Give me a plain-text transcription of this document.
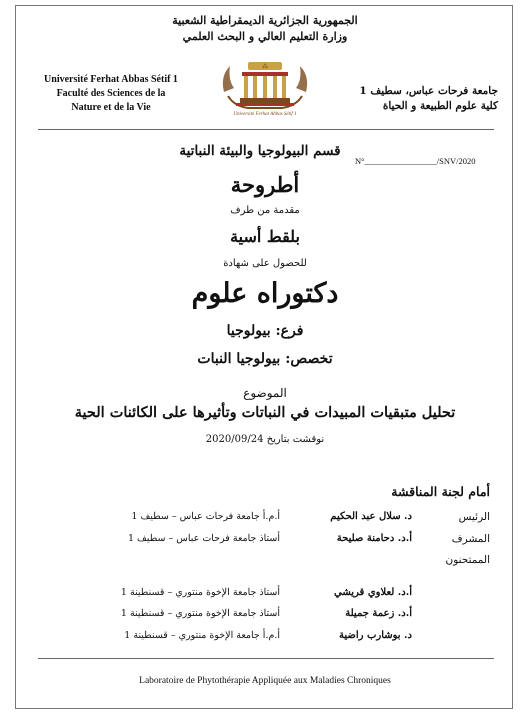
الجمهورية الجزائرية الديمقراطية الشعبية
وزارة التعليم العالي و البحث العلمي
Université Ferhat Abbas Sétif 1
Faculté des Sciences de la
Nature et de la Vie
⁂
Université Ferhat Abbas Sétif 1
جامعة فرحات عباس، سطيف 1
كلية علوم الطبيعة و الحياة
قسم البيولوجيا والبيئة النباتية
N°_________________/SNV/2020
أطروحة
مقدمة من طرف
بلقط أسية
للحصول على شهادة
دكتوراه علوم
فرع: بيولوجيا
تخصص: بيولوجيا النبات
الموضوع
تحليل متبقيات المبيدات في النباتات وتأثيرها على الكائنات الحية
نوقشت بتاريخ 2020/09/24
أمام لجنة المناقشة
الرئيس
د. سلال عبد الحكيم
أ.م.أ جامعة فرحات عباس – سطيف 1
المشرف
أ.د. دحامنة صليحة
أستاذ جامعة فرحات عباس – سطيف 1
الممتحنون
أ.د. لعلاوي قريشي
أستاذ جامعة الإخوة منتوري – قسنطينة 1
أ.د. زعمة جميلة
أستاذ جامعة الإخوة منتوري – قسنطينة 1
د. بوشارب راضية
أ.م.أ جامعة الإخوة منتوري – قسنطينة 1
Laboratoire de Phytothérapie Appliquée aux Maladies Chroniques
